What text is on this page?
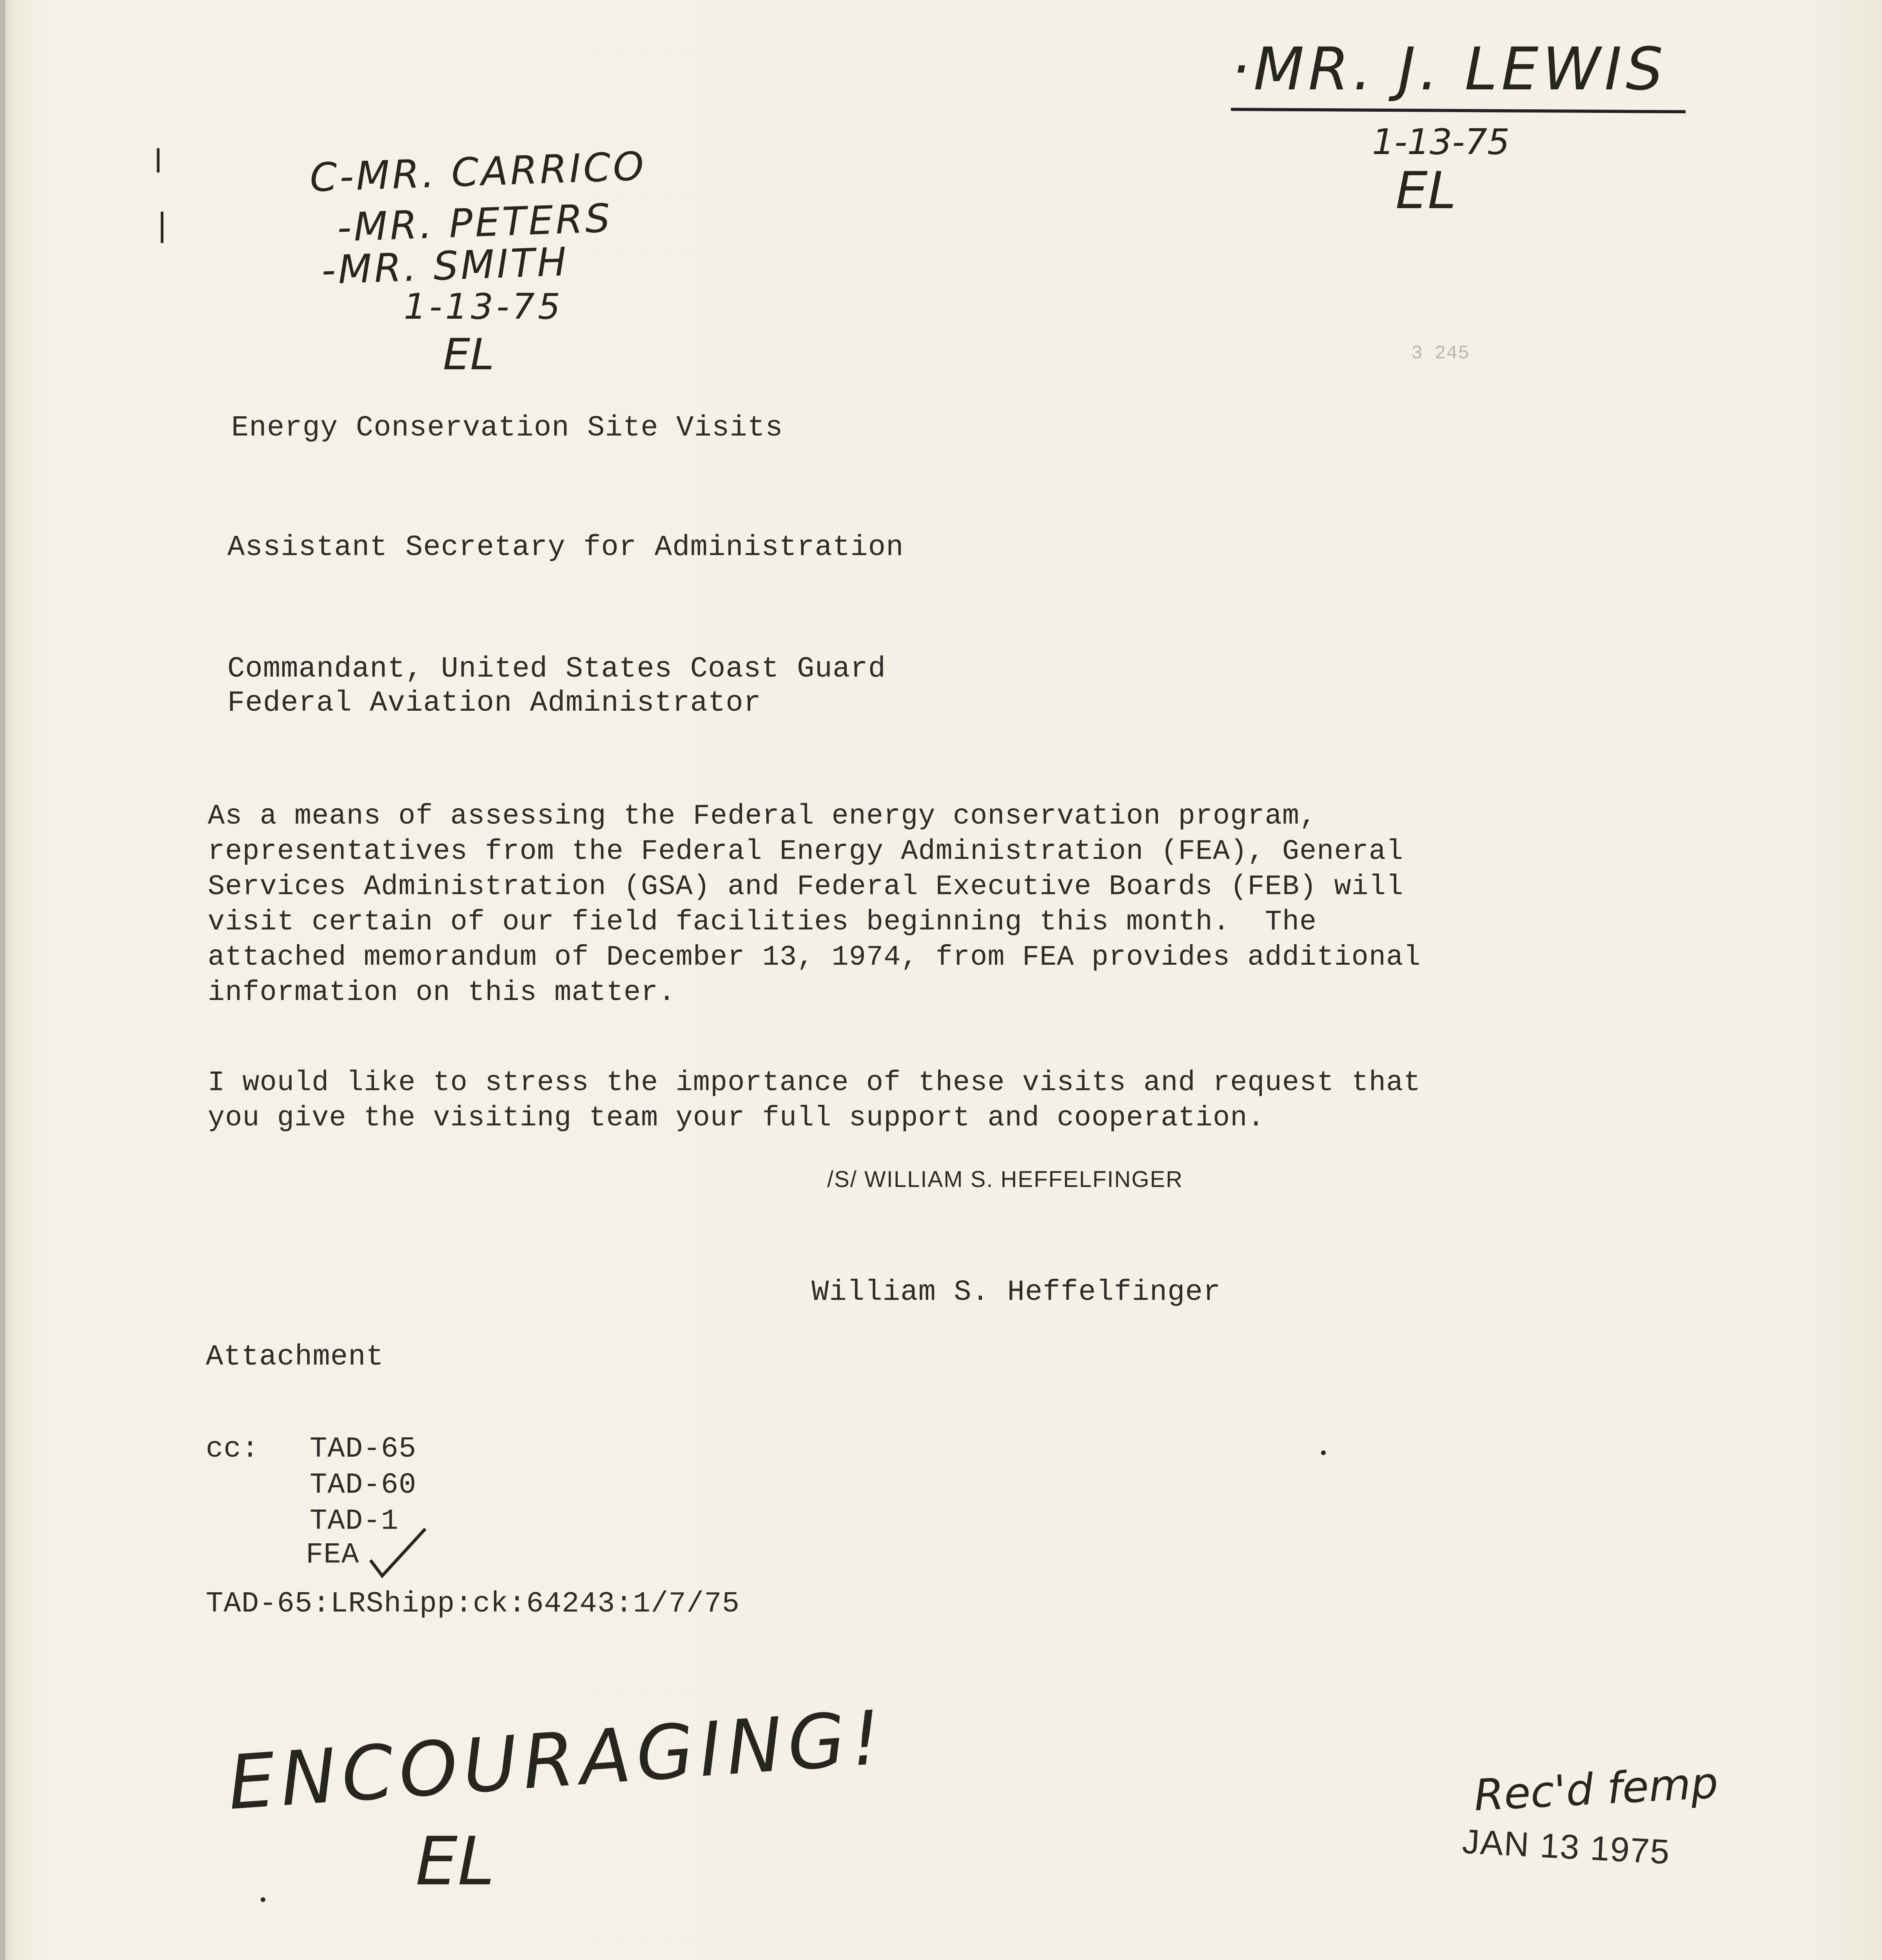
·MR. J. LEWIS
1-13-75
EL
C-MR. CARRICO
-MR. PETERS
-MR. SMITH
1-13-75
EL	3 245
Energy Conservation Site Visits
Assistant Secretary for Administration
Commandant, United States Coast Guard
Federal Aviation Administrator
As a means of assessing the Federal energy conservation program,
representatives from the Federal Energy Administration (FEA), General
Services Administration (GSA) and Federal Executive Boards (FEB) will
visit certain of our field facilities beginning this month.  The
attached memorandum of December 13, 1974, from FEA provides additional
information on this matter.
I would like to stress the importance of these visits and request that
you give the visiting team your full support and cooperation.
/S/ WILLIAM S. HEFFELFINGER
William S. Heffelfinger
Attachment
cc: TAD-65
TAD-60
TAD-1
FEA
TAD-65:LRShipp:ck:64243:1/7/75
ENCOURAGING!
EL
Rec'd femp
JAN 13 1975
